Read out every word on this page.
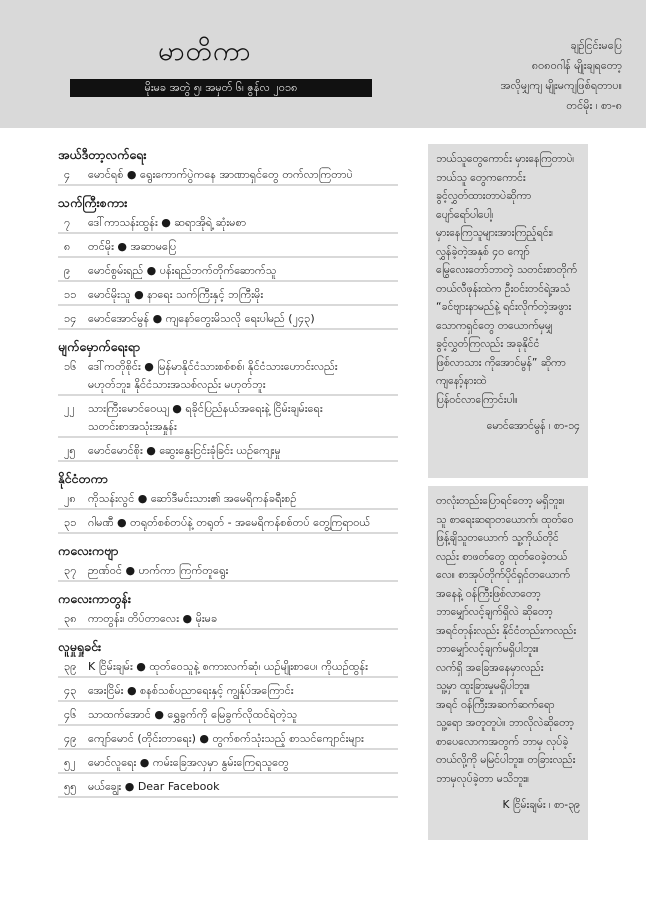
မာတိကာ
မိုးမခ အတွဲ ၅၊ အမှတ် ၆၊ ဇွန်လ ၂၀၁၈
ချဉ်ငြင်းမပြေ
၈၀၈၀ဂါန် မျိုးချရတော့
အလိုမျှကျ မျိုးမကျဖြစ်ရတာပ။
တင်မိုး ၊ စာ-၈
အယ်ဒီတာ့လက်ရေး
၄	မောင်ရစ် ● ရွေးကောက်ပွဲကနေ အာဏာရှင်တွေ တက်လာကြတာပဲ
သက်ကြီးစကား
၇	ဒေါ်ကာသန်းထွန်း ● ဆရာအိုရဲ့ ဆုံးမစာ
၈	တင်မိုး ● အဆာမပြေ
၉	မောင်စွမ်းရည် ● ပန်းရည်ဘက်တိုက်ဆောက်သူ
၁၁	မောင်မိုးသူ ● နာရေး သက်ကြီးနှင့် ဘကြီးမိုး
၁၄	မောင်အောင်မွန် ● ကျနော်တွေးမိသလို ရေးပါမည် (၂၄၃)
မျက်မှောက်ရေးရာ
၁၆	ဒေါ်ကတိုစိုင်း ● မြန်မာနိုင်ငံသားစစ်စစ်၊ နိုင်ငံသားဟောင်းလည်း
မဟုတ်ဘူး၊ နိုင်ငံသားအသစ်လည်း မဟုတ်ဘူး
၂၂	သားကြီးမောင်ဝေယျ ● ရခိုင်ပြည်နယ်အရေးနဲ့ ငြိမ်းချမ်းရေး
သတင်းစာအသုံးအနှုန်း
၂၅	မောင်မောင်စိုး ● ဆွေးနွေးငြင်းခုံခြင်း ယဉ်ကျေးမှု
နိုင်ငံတကာ
၂၈	ကိုသန်းလွင် ● ဆော်ဒီမင်းသား၏ အမေရိကန်ခရီးစဉ်
၃၁	ဂါမဏီ ● တရုတ်စစ်တပ်နဲ့ တရုတ် - အမေရိကန်စစ်တပ် တွေ့ကြရာဝယ်
ကလေးကဗျာ
၃၇	ဉာဏ်ဝင် ● ဟက်ကာ ကြက်တူရွေး
ကလေးကာတွန်း
၃၈	ကာတွန်း၊ တိပ်တာလေး ● မိုးမခ
လူမှုရှုခင်း
၃၉	K ငြိမ်းချမ်း ● ထုတ်ဝေသူနဲ့ စကားလက်ဆုံ၊ ယဉ်မျိုးစာပေ၊ ကိုယဉ်ထွန်း
၄၃	အေးငြိမ်း ● စနစ်သစ်ပညာရေးနှင့် ကျွန်ုပ်အကြောင်း
၄၆	သာထက်အောင် ● ရွှေခွက်ကို မြေခွက်လိုထင်ရဲတဲ့သူ
၄၉	ကျော်မောင် (တိုင်းတာရေး) ● တွက်စက်သုံးသည့် စာသင်ကျောင်းများ
၅၂	မောင်လူရေး ● ကမ်းခြေအလှမှာ နွမ်းကြေရသူတွေ
၅၅	မယ်ချွေး ● Dear Facebook
ဘယ်သူတွေကောင်း မှားနေကြတာပဲ၊
ဘယ်သူ တွေကကောင်း
ခွင့်လွှတ်ထားတာပဲဆိုကာ
ပျော်ရော်ပါပေါ့၊
မှားနေကြသူများအားကြည့်ရင်း၊
လွှန်ခဲ့တဲ့အနှစ် ၄၀ ကျော်
မြွေလေးတော်ဘာတဲ့ သတင်းစာတိုက်
တယ်လီဖုန်းထဲက ဦးဝင်းတင်ရဲ့အသံ
“ခင်ဗျားနာမည်နဲ့ ရင်းလိုက်တဲ့အဖွား
သောကရှင်တွေ တယောက်မှမျှ
ခွင့်လွှတ်ကြလည်း အခုနိုင်ငံ
ဖြစ်လာသား ကိုအောင်မွန်” ဆိုကာ
ကျနော့်နားထဲ
ပြန်ဝင်လာကြောင်းပါ။
မောင်အောင်မွန် ၊ စာ-၁၄
တလုံးတည်းပြောရင်တော့ မရှိဘူး။
သူ စာရေးဆရာတယောက်၊ ထုတ်ဝေ
ဖြန့်ချိသူတယောက် သူ့ကိုယ်တိုင်
လည်း စာဖတ်တွေ ထုတ်ဝေခဲ့တယ်
လေ။ စာအုပ်တိုက်ပိုင်ရှင်တယောက်
အနေနဲ့ ဝန်ကြီးဖြစ်လာတော့
ဘာမျှော်လင့်ချက်ရှိလဲ ဆိုတော့
အရင်တုန်းလည်း နိုင်ငံတည်းကလည်း
ဘာမျှော်လင့်ချက်မရှိပါဘူး။
လက်ရှိ အခြေအနေမှာလည်း
သူ့မှာ ထူးခြားမှုမရှိပါဘူး။
အရင် ဝန်ကြီးအဆက်ဆက်ရော
သူ့ရော အတူတူပဲ။ ဘာလိုလဲဆိုတော့
စာပေလောကအတွက် ဘာမှ လုပ်ခဲ့
တယ်လို့ကို မမြင်ပါဘူး။ တခြားလည်း
ဘာမှလုပ်ခဲ့တာ မသိဘူး။
K ငြိမ်းချမ်း ၊ စာ-၃၉
